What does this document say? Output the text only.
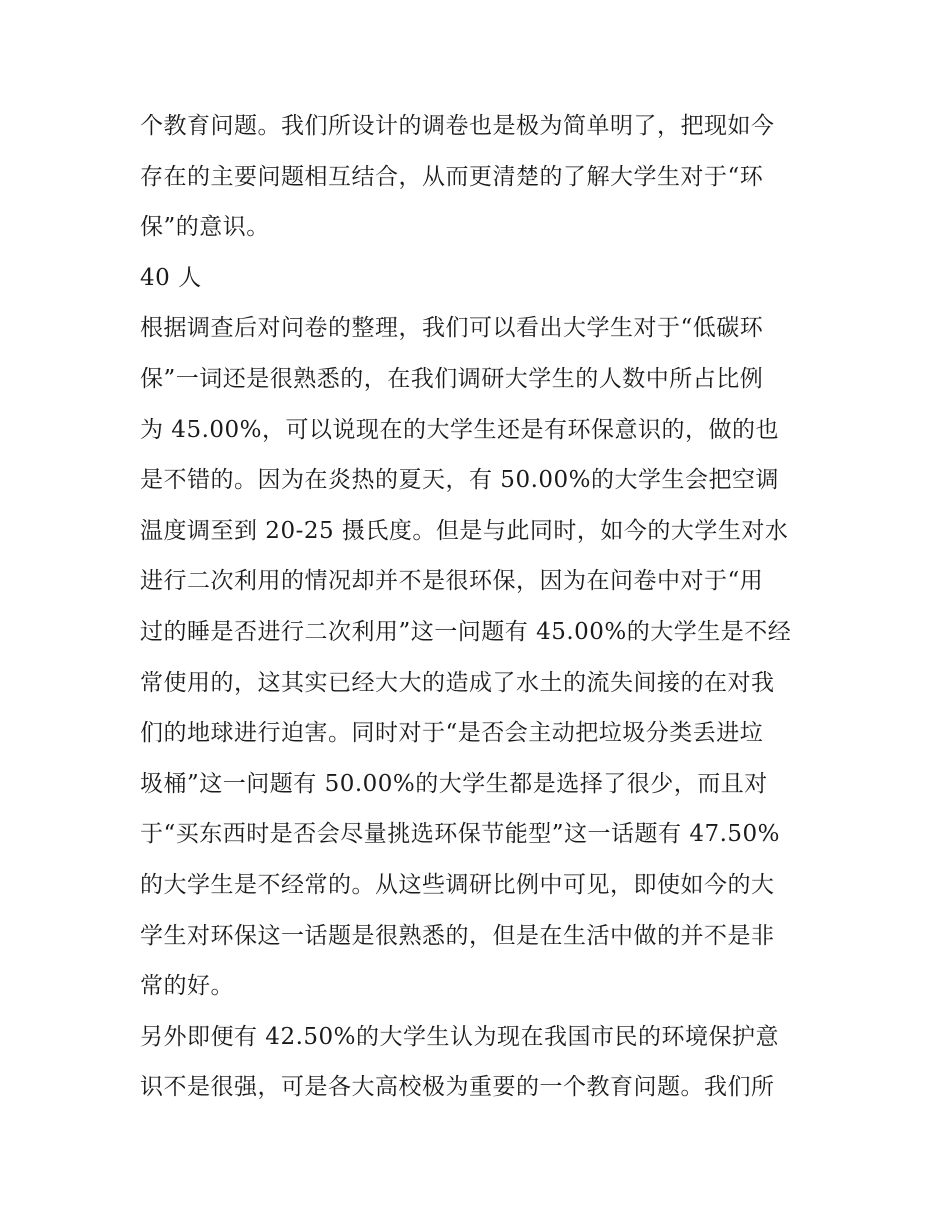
个教育问题。我们所设计的调卷也是极为简单明了，把现如今
存在的主要问题相互结合，从而更清楚的了解大学生对于“环
保”的意识。
40 人
根据调查后对问卷的整理，我们可以看出大学生对于“低碳环
保”一词还是很熟悉的，在我们调研大学生的人数中所占比例
为 45.00%，可以说现在的大学生还是有环保意识的，做的也
是不错的。因为在炎热的夏天，有 50.00%的大学生会把空调
温度调至到 20-25 摄氏度。但是与此同时，如今的大学生对水
进行二次利用的情况却并不是很环保，因为在问卷中对于“用
过的睡是否进行二次利用”这一问题有 45.00%的大学生是不经
常使用的，这其实已经大大的造成了水土的流失间接的在对我
们的地球进行迫害。同时对于“是否会主动把垃圾分类丢进垃
圾桶”这一问题有 50.00%的大学生都是选择了很少，而且对
于“买东西时是否会尽量挑选环保节能型”这一话题有 47.50%
的大学生是不经常的。从这些调研比例中可见，即使如今的大
学生对环保这一话题是很熟悉的，但是在生活中做的并不是非
常的好。
另外即便有 42.50%的大学生认为现在我国市民的环境保护意
识不是很强，可是各大高校极为重要的一个教育问题。我们所
